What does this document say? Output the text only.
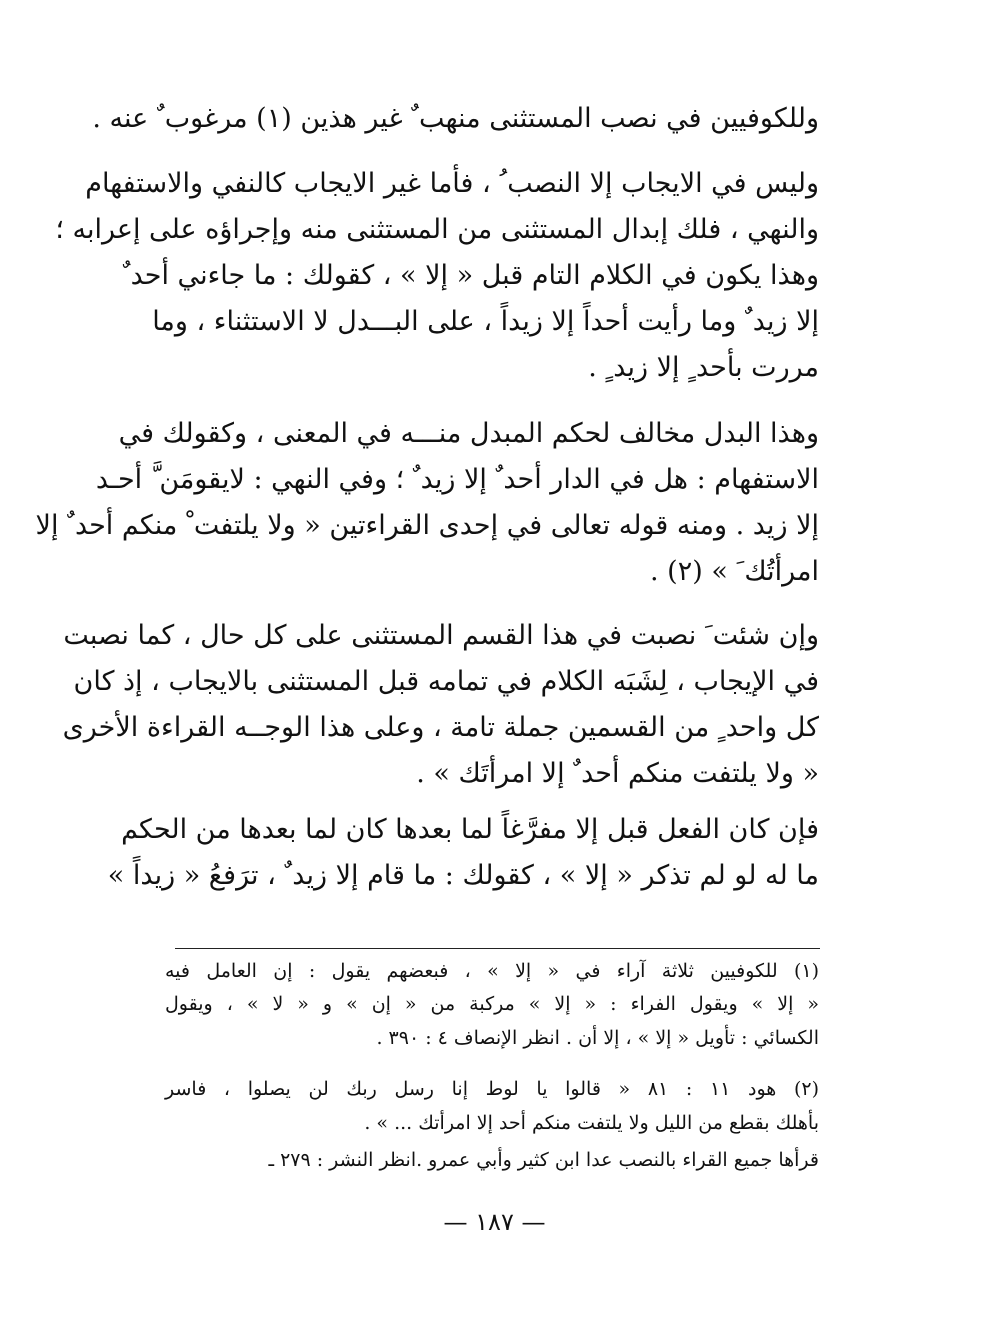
وللكوفيين في نصب المستثنى منهب ٌ غير هذين (١) مرغوب ٌ عنه .
وليس في الايجاب إلا النصب ُ ، فأما غير الايجاب كالنفي والاستفهام
والنهي ، فلك إبدال المستثنى من المستثنى منه وإجراؤه على إعرابه ؛
وهذا يكون في الكلام التام قبل « إلا » ، كقولك : ما جاءني أحد ٌ
إلا زيد ٌ وما رأيت أحداً إلا زيداً ، على البـــدل لا الاستثناء ، وما
مررت بأحد ٍ إلا زيد ٍ .
وهذا البدل مخالف لحكم المبدل منـــه في المعنى ، وكقولك في
الاستفهام : هل في الدار أحد ٌ إلا زيد ٌ ؛ وفي النهي : لايقومَن َّ أحـد
إلا زيد . ومنه قوله تعالى في إحدى القراءتين « ولا يلتفت ْ منكم أحد ٌ إلا
امرأتُك َ » (٢) .
وإن شئت َ نصبت في هذا القسم المستثنى على كل حال ، كما نصبت
في الإيجاب ، لِشَبَه الكلام في تمامه قبل المستثنى بالايجاب ، إذ كان
كل واحد ٍ من القسمين جملة تامة ، وعلى هذا الوجــه القراءة الأخرى
« ولا يلتفت منكم أحد ٌ إلا امرأتَك » .
فإن كان الفعل قبل إلا مفرَّغاً لما بعدها كان لما بعدها من الحكم
ما له لو لم تذكر « إلا » ، كقولك : ما قام إلا زيد ٌ ، ترَفعُ « زيداً »
(١) للكوفيين ثلاثة آراء في « إلا » ، فبعضهم يقول : إن العامل فيه
« إلا » ويقول الفراء : « إلا » مركبة من « إن » و « لا » ، ويقول
الكسائي : تأويل « إلا » ، إلا أن . انظر الإنصاف ٤ : ٣٩٠ .
(٢) هود ١١ : ٨١ « قالوا يا لوط إنا رسل ربك لن يصلوا ، فاسر
بأهلك بقطع من الليل ولا يلتفت منكم أحد إلا امرأتك ... » .
قرأها جميع القراء بالنصب عدا ابن كثير وأبي عمرو .انظر النشر : ٢٧٩ ـ
— ١٨٧ —
